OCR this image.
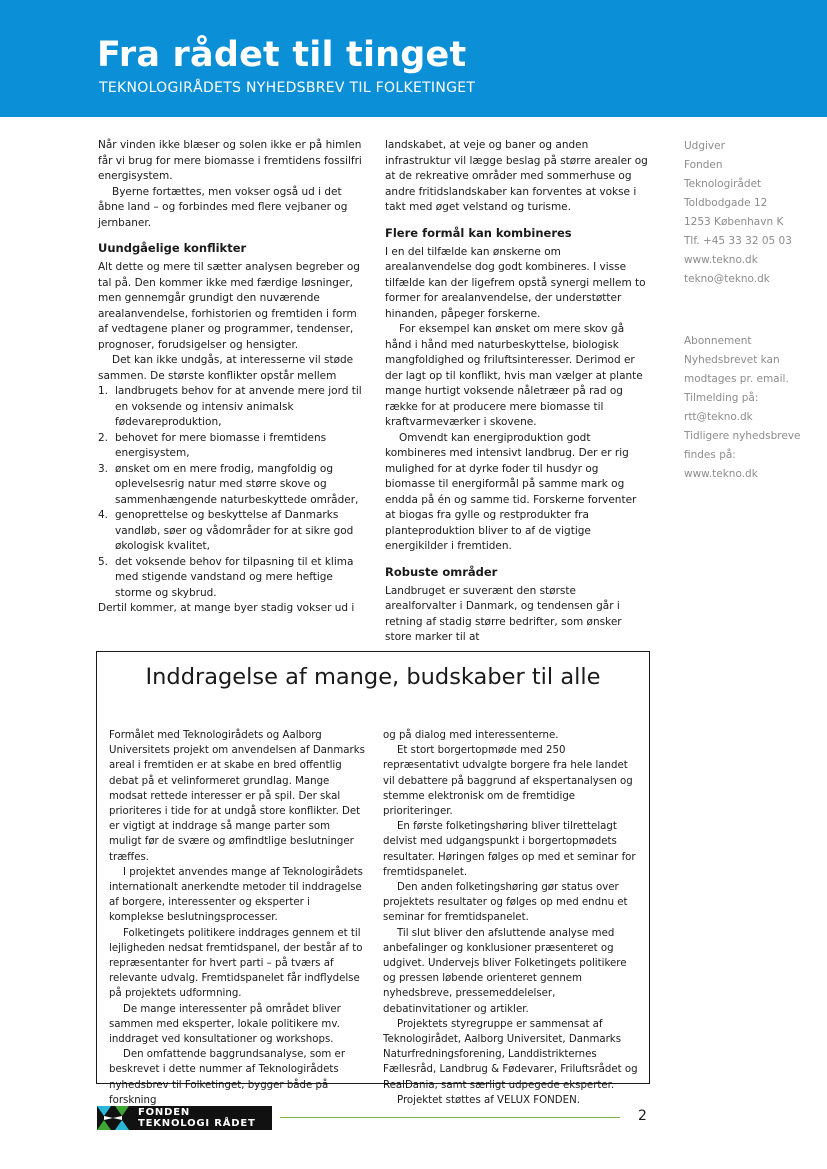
Fra rådet til tinget
TEKNOLOGIRÅDETS NYHEDSBREV TIL FOLKETINGET

Når vinden ikke blæser og solen ikke er på himlen får vi brug for mere biomasse i fremtidens fossilfri energisystem.

Byerne fortættes, men vokser også ud i det åbne land – og forbindes med flere vejbaner og jernbaner.

Uundgåelige konflikter

Alt dette og mere til sætter analysen begreber og tal på. Den kommer ikke med færdige løsninger, men gennemgår grundigt den nuværende arealanvendelse, forhistorien og fremtiden i form af vedtagene planer og programmer, tendenser, prognoser, forudsigelser og hensigter.

Det kan ikke undgås, at interesserne vil støde sammen. De største konflikter opstår mellem

1. landbrugets behov for at anvende mere jord til en voksende og intensiv animalsk fødevareproduktion,
2. behovet for mere biomasse i fremtidens energisystem,
3. ønsket om en mere frodig, mangfoldig og oplevelsesrig natur med større skove og sammenhængende naturbeskyttede områder,
4. genoprettelse og beskyttelse af Danmarks vandløb, søer og vådområder for at sikre god økologisk kvalitet,
5. det voksende behov for tilpasning til et klima med stigende vandstand og mere heftige storme og skybrud.

Dertil kommer, at mange byer stadig vokser ud i

landskabet, at veje og baner og anden infrastruktur vil lægge beslag på større arealer og at de rekreative områder med sommerhuse og andre fritidslandskaber kan forventes at vokse i takt med øget velstand og turisme.

Flere formål kan kombineres

I en del tilfælde kan ønskerne om arealanvendelse dog godt kombineres. I visse tilfælde kan der ligefrem opstå synergi mellem to former for arealanvendelse, der understøtter hinanden, påpeger forskerne.

For eksempel kan ønsket om mere skov gå hånd i hånd med naturbeskyttelse, biologisk mangfoldighed og friluftsinteresser. Derimod er der lagt op til konflikt, hvis man vælger at plante mange hurtigt voksende nåletræer på rad og række for at producere mere biomasse til kraftvarmeværker i skovene.

Omvendt kan energiproduktion godt kombineres med intensivt landbrug. Der er rig mulighed for at dyrke foder til husdyr og biomasse til energiformål på samme mark og endda på én og samme tid. Forskerne forventer at biogas fra gylle og restprodukter fra planteproduktion bliver to af de vigtige energikilder i fremtiden.

Robuste områder

Landbruget er suverænt den største arealforvalter i Danmark, og tendensen går i retning af stadig større bedrifter, som ønsker store marker til at

Udgiver

Fonden

Teknologirådet

Toldbodgade 12

1253 København K

Tlf. +45 33 32 05 03

www.tekno.dk

tekno@tekno.dk

Abonnement

Nyhedsbrevet kan

modtages pr. email.

Tilmelding på:

rtt@tekno.dk

Tidligere nyhedsbreve

findes på:

www.tekno.dk

Inddragelse af mange, budskaber til alle

Formålet med Teknologirådets og Aalborg Universitets projekt om anvendelsen af Danmarks areal i fremtiden er at skabe en bred offentlig debat på et velinformeret grundlag. Mange modsat rettede interesser er på spil. Der skal prioriteres i tide for at undgå store konflikter. Det er vigtigt at inddrage så mange parter som muligt før de svære og ømfindtlige beslutninger træffes.

I projektet anvendes mange af Teknologirådets internationalt anerkendte metoder til inddragelse af borgere, interessenter og eksperter i komplekse beslutningsprocesser.

Folketingets politikere inddrages gennem et til lejligheden nedsat fremtidspanel, der består af to repræsentanter for hvert parti – på tværs af relevante udvalg. Fremtidspanelet får indflydelse på projektets udformning.

De mange interessenter på området bliver sammen med eksperter, lokale politikere mv. inddraget ved konsultationer og workshops.

Den omfattende baggrundsanalyse, som er beskrevet i dette nummer af Teknologirådets nyhedsbrev til Folketinget, bygger både på forskning

og på dialog med interessenterne.

Et stort borgertopmøde med 250 repræsentativt udvalgte borgere fra hele landet vil debattere på baggrund af ekspertanalysen og stemme elektronisk om de fremtidige prioriteringer.

En første folketingshøring bliver tilrettelagt delvist med udgangspunkt i borgertopmødets resultater. Høringen følges op med et seminar for fremtidspanelet.

Den anden folketingshøring gør status over projektets resultater og følges op med endnu et seminar for fremtidspanelet.

Til slut bliver den afsluttende analyse med anbefalinger og konklusioner præsenteret og udgivet. Undervejs bliver Folketingets politikere og pressen løbende orienteret gennem nyhedsbreve, pressemeddelelser, debatinvitationer og artikler.

Projektets styregruppe er sammensat af Teknologirådet, Aalborg Universitet, Danmarks Naturfredningsforening, Landdistrikternes Fællesråd, Landbrug & Fødevarer, Friluftsrådet og RealDania, samt særligt udpegede eksperter.

Projektet støttes af VELUX FONDEN.

FONDEN
TEKNOLOGI RÅDET	2
